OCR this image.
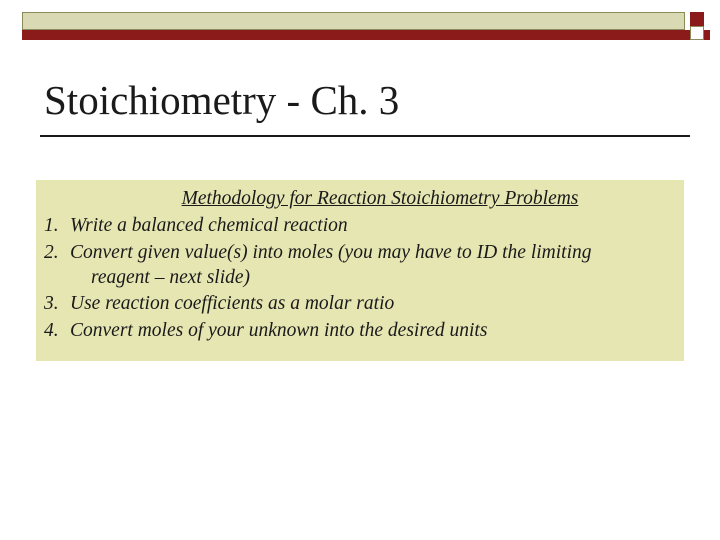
Stoichiometry - Ch. 3
Methodology for Reaction Stoichiometry Problems
1. Write a balanced chemical reaction
2. Convert given value(s) into moles (you may have to ID the limiting
reagent – next slide)
3. Use reaction coefficients as a molar ratio
4. Convert moles of your unknown into the desired units
